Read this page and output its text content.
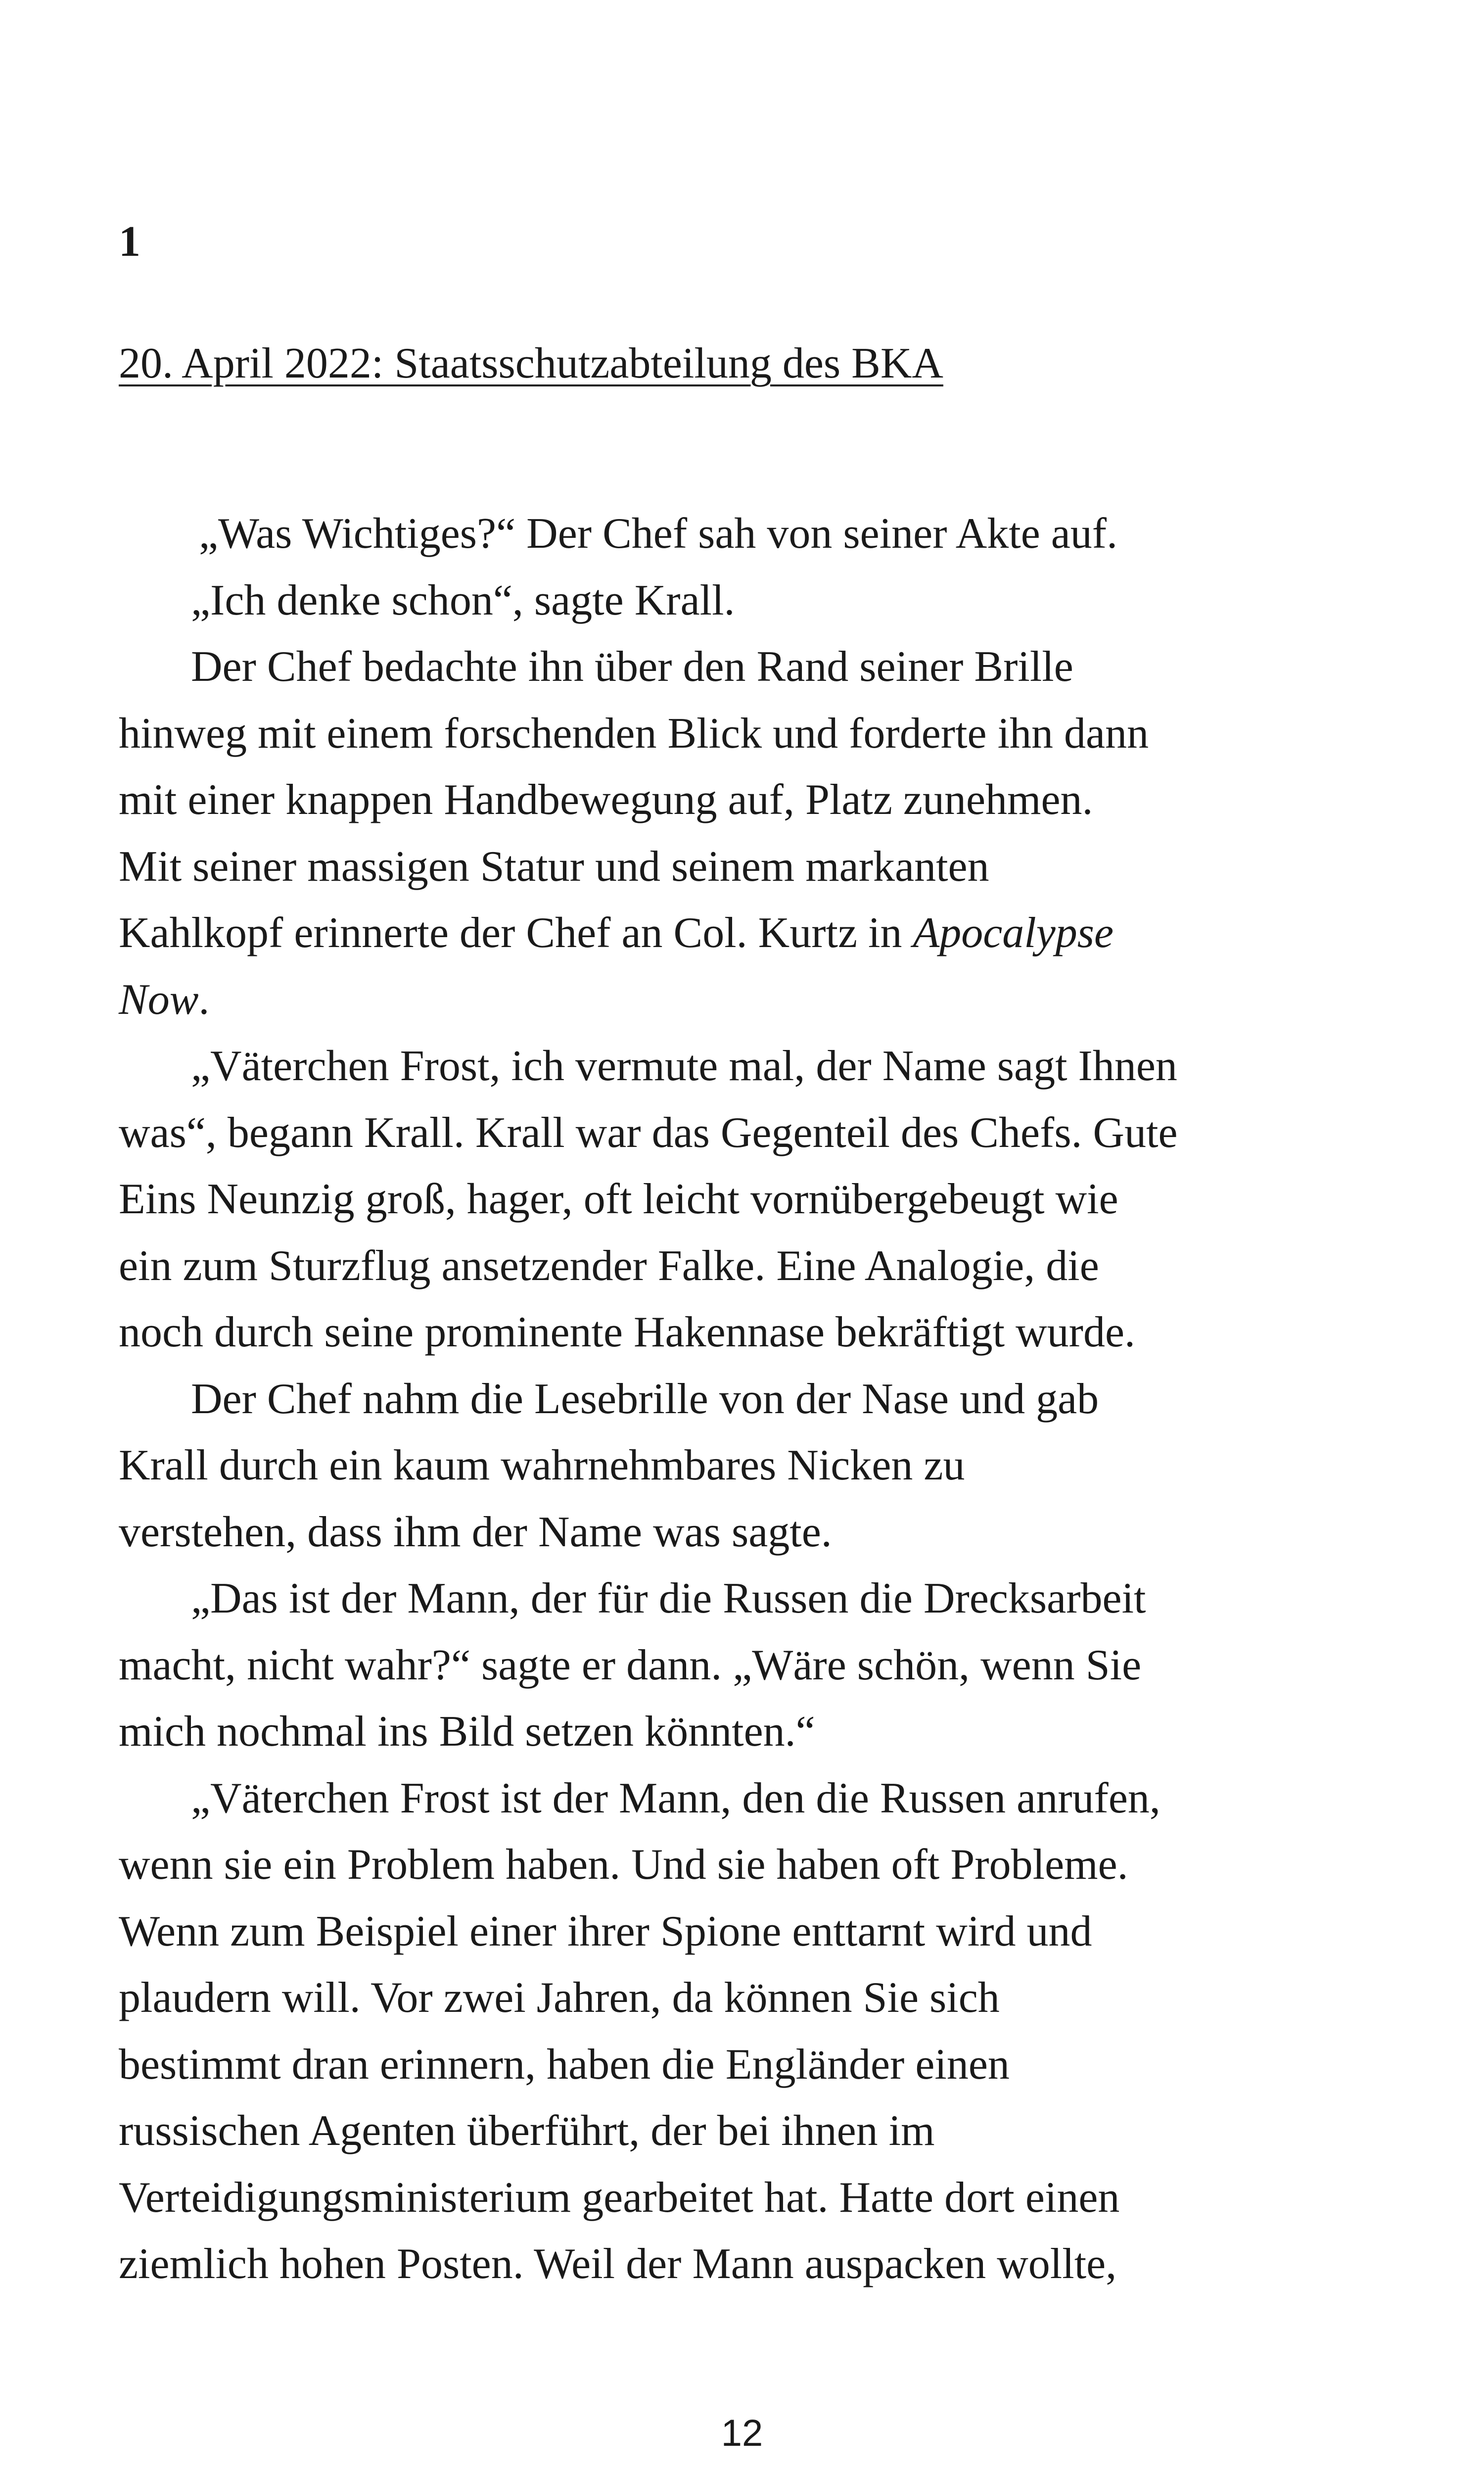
1
20. April 2022: Staatsschutzabteilung des BKA
„Was Wichtiges?“ Der Chef sah von seiner Akte auf.
„Ich denke schon“, sagte Krall.
Der Chef bedachte ihn über den Rand seiner Brille
hinweg mit einem forschenden Blick und forderte ihn dann
mit einer knappen Handbewegung auf, Platz zunehmen.
Mit seiner massigen Statur und seinem markanten
Kahlkopf erinnerte der Chef an Col. Kurtz in Apocalypse
Now.
„Väterchen Frost, ich vermute mal, der Name sagt Ihnen
was“, begann Krall. Krall war das Gegenteil des Chefs. Gute
Eins Neunzig groß, hager, oft leicht vornübergebeugt wie
ein zum Sturzflug ansetzender Falke. Eine Analogie, die
noch durch seine prominente Hakennase bekräftigt wurde.
Der Chef nahm die Lesebrille von der Nase und gab
Krall durch ein kaum wahrnehmbares Nicken zu
verstehen, dass ihm der Name was sagte.
„Das ist der Mann, der für die Russen die Drecksarbeit
macht, nicht wahr?“ sagte er dann. „Wäre schön, wenn Sie
mich nochmal ins Bild setzen könnten.“
„Väterchen Frost ist der Mann, den die Russen anrufen,
wenn sie ein Problem haben. Und sie haben oft Probleme.
Wenn zum Beispiel einer ihrer Spione enttarnt wird und
plaudern will. Vor zwei Jahren, da können Sie sich
bestimmt dran erinnern, haben die Engländer einen
russischen Agenten überführt, der bei ihnen im
Verteidigungsministerium gearbeitet hat. Hatte dort einen
ziemlich hohen Posten. Weil der Mann auspacken wollte,
12
